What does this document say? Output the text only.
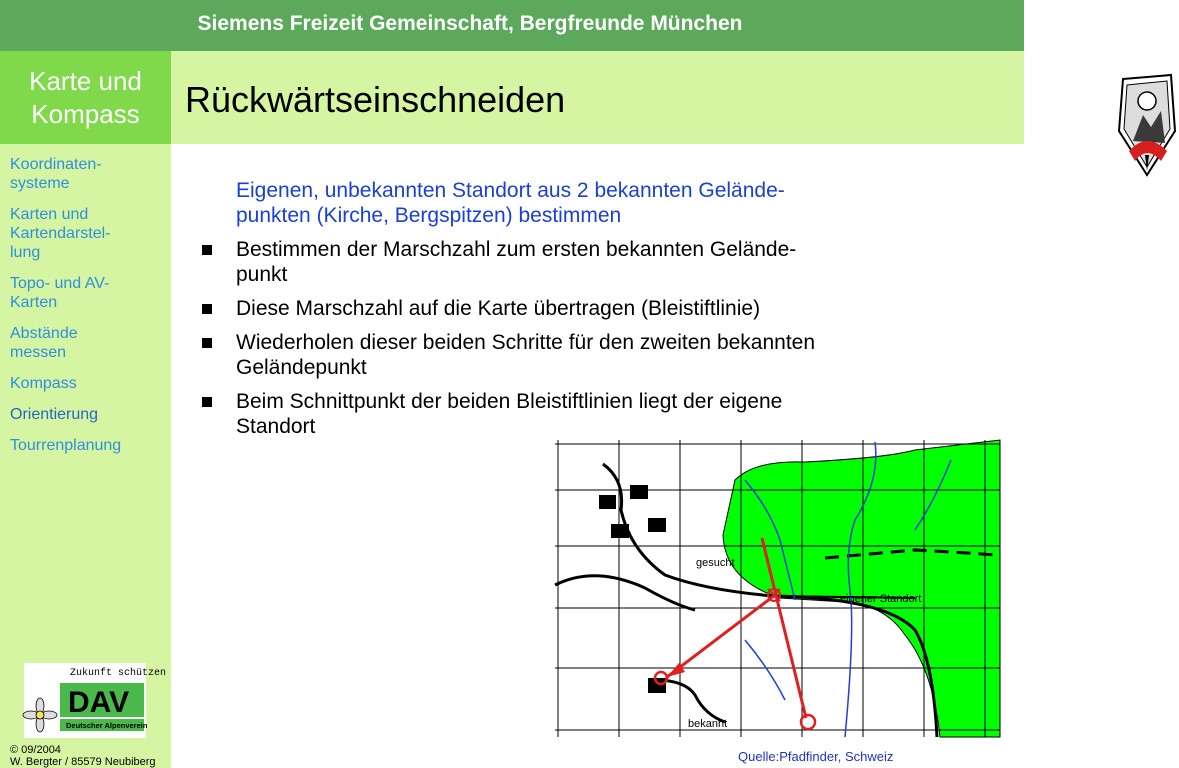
Siemens Freizeit Gemeinschaft, Bergfreunde München
Karte und
Kompass	Rückwärtseinschneiden
Koordinaten-
systeme
Karten und
Kartendarstel-
lung
Topo- und AV-
Karten
Abstände
messen
Kompass
Orientierung
Tourrenplanung
Eigenen, unbekannten Standort aus 2 bekannten Gelände-
punkten (Kirche, Bergspitzen) bestimmen
Bestimmen der Marschzahl zum ersten bekannten Gelände-
punkt
Diese Marschzahl auf die Karte übertragen (Bleistiftlinie)
Wiederholen dieser beiden Schritte für den zweiten bekannten
Geländepunkt
Beim Schnittpunkt der beiden Bleistiftlinien liegt der eigene
Standort
gesucht
eigener Standort
bekannt
Zukunft schützen
DAV
Deutscher Alpenverein
© 09/2004
W. Bergter / 85579 Neubiberg	Quelle:Pfadfinder, Schweiz
